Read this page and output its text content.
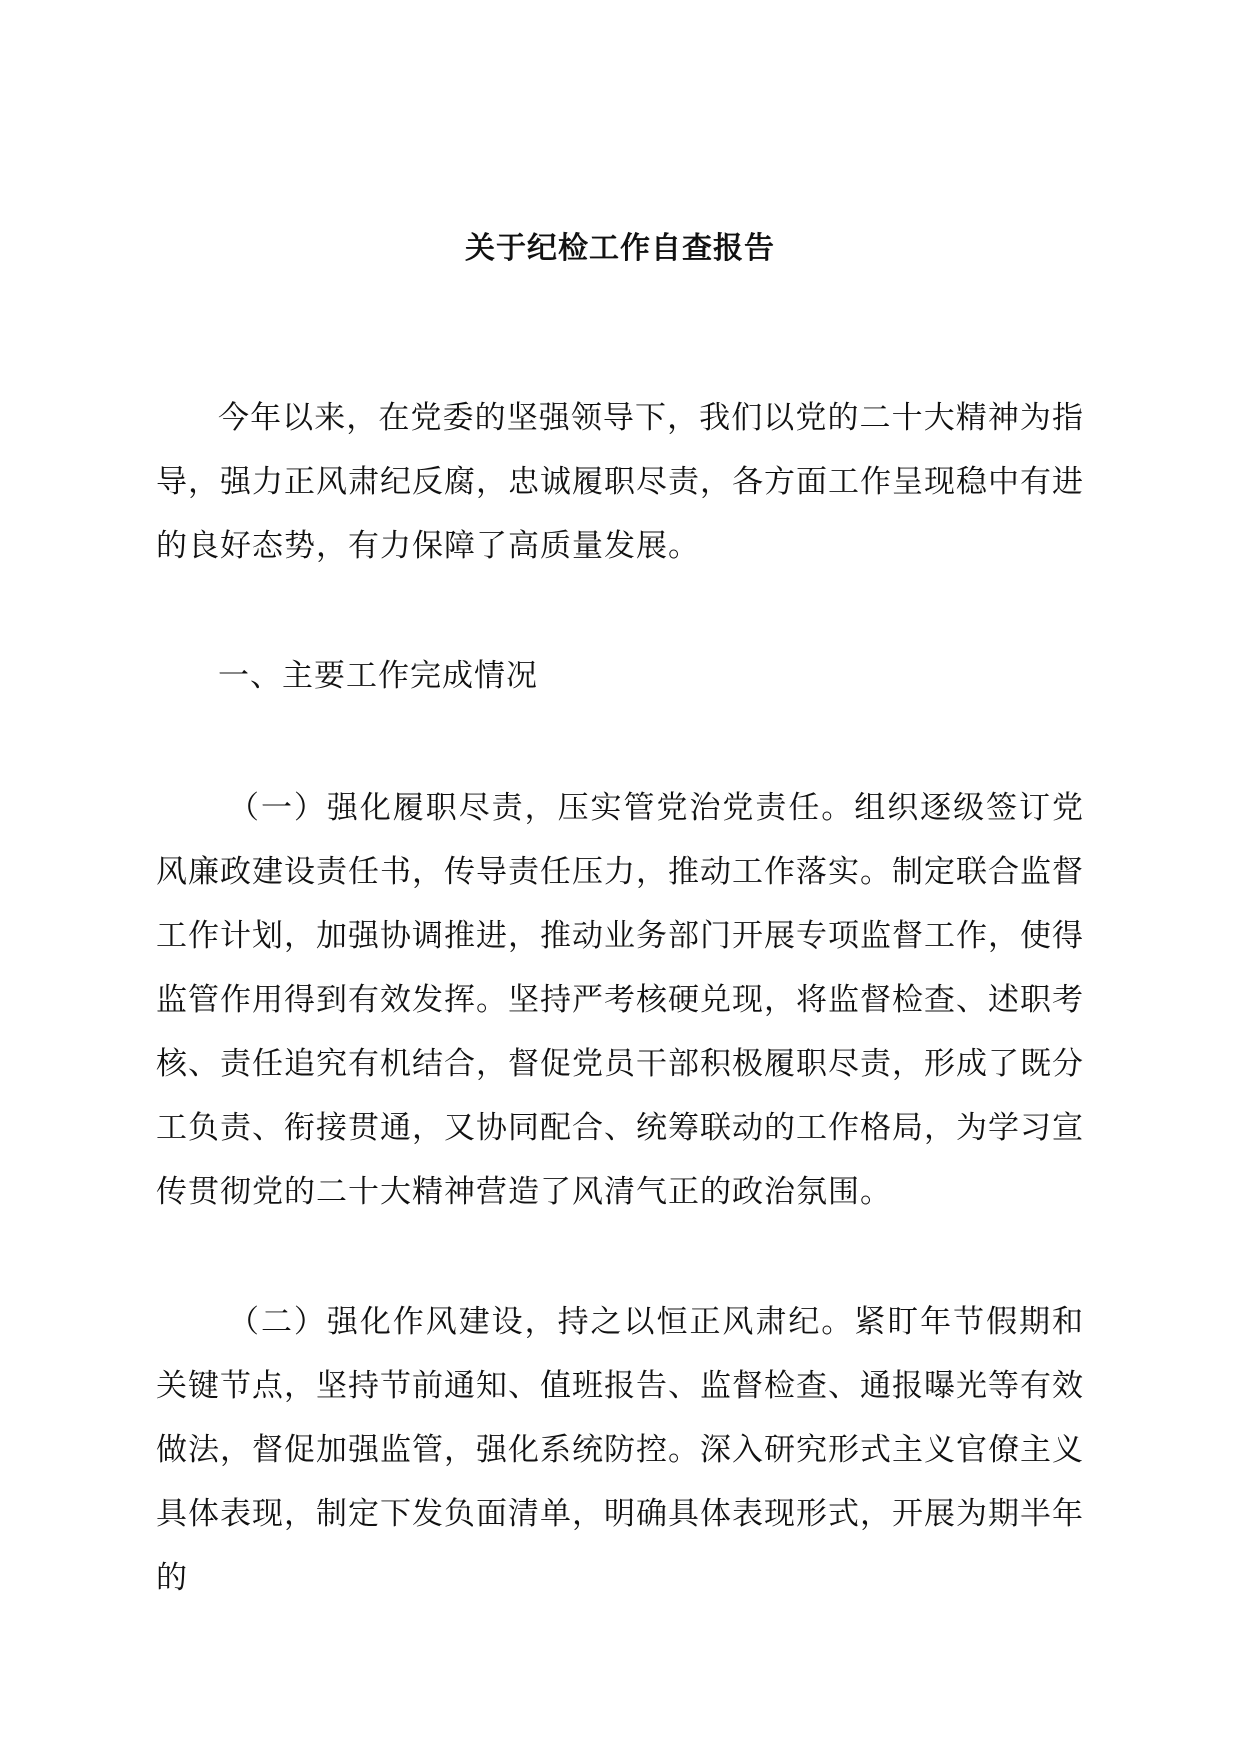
关于纪检工作自查报告

今年以来，在党委的坚强领导下，我们以党的二十大精神为指导，强力正风肃纪反腐，忠诚履职尽责，各方面工作呈现稳中有进的良好态势，有力保障了高质量发展。

一、主要工作完成情况

（一）强化履职尽责，压实管党治党责任。组织逐级签订党风廉政建设责任书，传导责任压力，推动工作落实。制定联合监督工作计划，加强协调推进，推动业务部门开展专项监督工作，使得监管作用得到有效发挥。坚持严考核硬兑现，将监督检查、述职考核、责任追究有机结合，督促党员干部积极履职尽责，形成了既分工负责、衔接贯通，又协同配合、统筹联动的工作格局，为学习宣传贯彻党的二十大精神营造了风清气正的政治氛围。

（二）强化作风建设，持之以恒正风肃纪。紧盯年节假期和关键节点，坚持节前通知、值班报告、监督检查、通报曝光等有效做法，督促加强监管，强化系统防控。深入研究形式主义官僚主义具体表现，制定下发负面清单，明确具体表现形式，开展为期半年的
